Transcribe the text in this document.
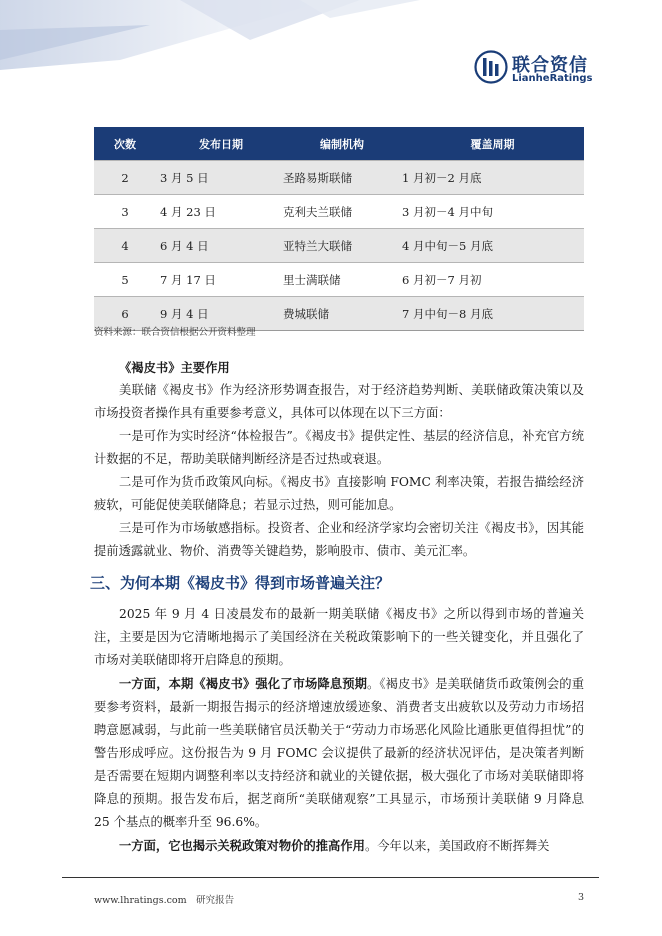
联合资信
LianheRatings
次数	发布日期	编制机构	覆盖周期
2	3 月 5 日	圣路易斯联储	1 月初－2 月底
3	4 月 23 日	克利夫兰联储	3 月初－4 月中旬
4	6 月 4 日	亚特兰大联储	4 月中旬－5 月底
5	7 月 17 日	里士满联储	6 月初－7 月初
6	9 月 4 日	费城联储	7 月中旬－8 月底
资料来源：联合资信根据公开资料整理

《褐皮书》主要作用

美联储《褐皮书》作为经济形势调查报告，对于经济趋势判断、美联储政策决策以及市场投资者操作具有重要参考意义，具体可以体现在以下三方面：

一是可作为实时经济“体检报告”。《褐皮书》提供定性、基层的经济信息，补充官方统计数据的不足，帮助美联储判断经济是否过热或衰退。

二是可作为货币政策风向标。《褐皮书》直接影响 FOMC 利率决策，若报告描绘经济疲软，可能促使美联储降息；若显示过热，则可能加息。

三是可作为市场敏感指标。投资者、企业和经济学家均会密切关注《褐皮书》，因其能提前透露就业、物价、消费等关键趋势，影响股市、债市、美元汇率。

三、为何本期《褐皮书》得到市场普遍关注？

2025 年 9 月 4 日凌晨发布的最新一期美联储《褐皮书》之所以得到市场的普遍关注，主要是因为它清晰地揭示了美国经济在关税政策影响下的一些关键变化，并且强化了市场对美联储即将开启降息的预期。

一方面，本期《褐皮书》强化了市场降息预期。《褐皮书》是美联储货币政策例会的重要参考资料，最新一期报告揭示的经济增速放缓迹象、消费者支出疲软以及劳动力市场招聘意愿减弱，与此前一些美联储官员沃勒关于“劳动力市场恶化风险比通胀更值得担忧”的警告形成呼应。这份报告为 9 月 FOMC 会议提供了最新的经济状况评估，是决策者判断是否需要在短期内调整利率以支持经济和就业的关键依据，极大强化了市场对美联储即将降息的预期。报告发布后，据芝商所“美联储观察”工具显示，市场预计美联储 9 月降息 25 个基点的概率升至 96.6%。

一方面，它也揭示关税政策对物价的推高作用。今年以来，美国政府不断挥舞关

www.lhratings.com　研究报告	3
